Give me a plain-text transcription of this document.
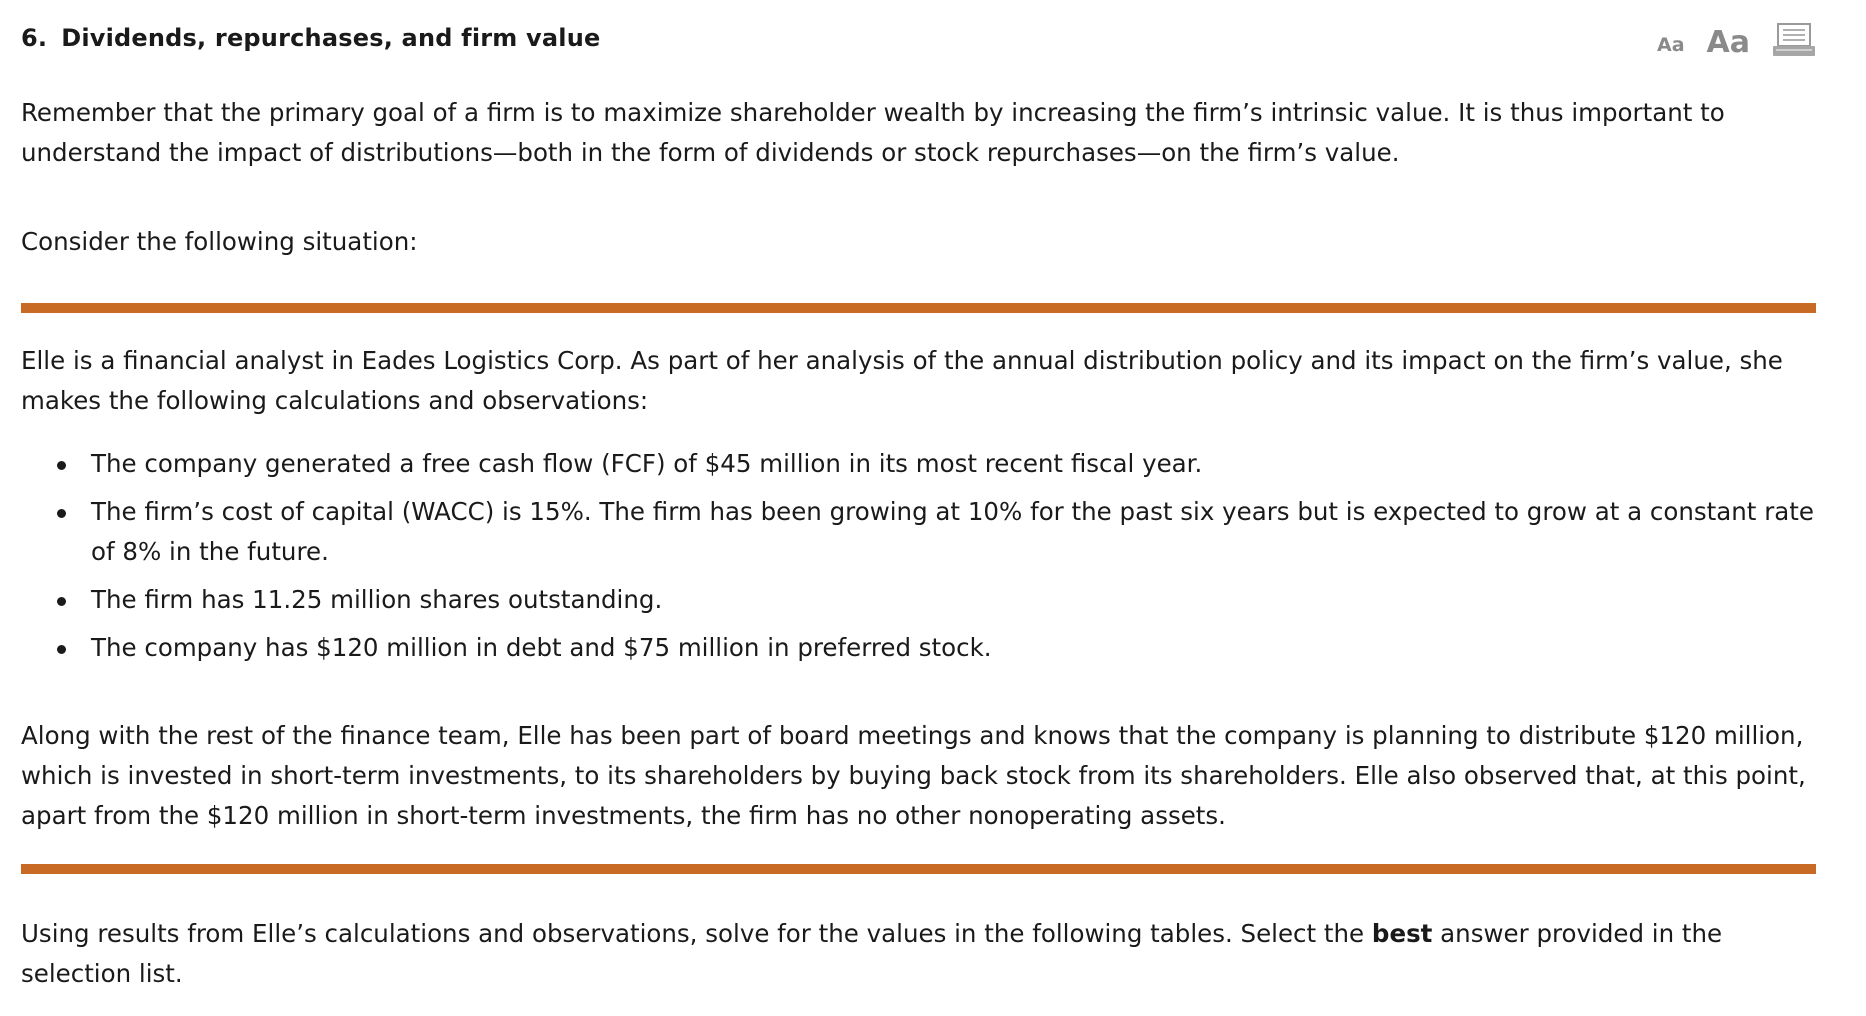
6. Dividends, repurchases, and firm value	Aa Aa

Remember that the primary goal of a firm is to maximize shareholder wealth by increasing the firm’s intrinsic value. It is thus important to understand the impact of distributions—both in the form of dividends or stock repurchases—on the firm’s value.

Consider the following situation:

Elle is a financial analyst in Eades Logistics Corp. As part of her analysis of the annual distribution policy and its impact on the firm’s value, she makes the following calculations and observations:

The company generated a free cash flow (FCF) of $45 million in its most recent fiscal year.
The firm’s cost of capital (WACC) is 15%. The firm has been growing at 10% for the past six years but is expected to grow at a constant rate of 8% in the future.
The firm has 11.25 million shares outstanding.
The company has $120 million in debt and $75 million in preferred stock.

Along with the rest of the finance team, Elle has been part of board meetings and knows that the company is planning to distribute $120 million, which is invested in short-term investments, to its shareholders by buying back stock from its shareholders. Elle also observed that, at this point, apart from the $120 million in short-term investments, the firm has no other nonoperating assets.

Using results from Elle’s calculations and observations, solve for the values in the following tables. Select the best answer provided in the selection list.
